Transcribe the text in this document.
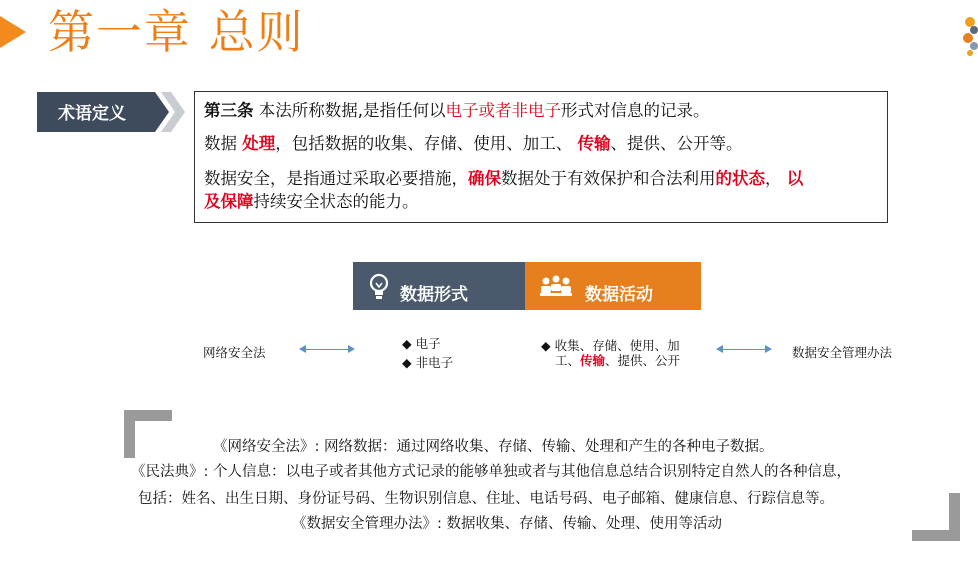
第一章 总则
术语定义	第三条 本法所称数据,是指任何以电子或者非电子形式对信息的记录。
数据 处理，包括数据的收集、存储、使用、加工、 传输、提供、公开等。
数据安全，是指通过采取必要措施，确保数据处于有效保护和合法利用的状态， 以
及保障持续安全状态的能力。
数据形式	数据活动
网络安全法
◆ 电子
◆ 非电子
◆ 收集、存储、使用、加
工、传输、提供、公开
数据安全管理办法
《网络安全法》: 网络数据：通过网络收集、存储、传输、处理和产生的各种电子数据。
《民法典》: 个人信息：以电子或者其他方式记录的能够单独或者与其他信息总结合识别特定自然人的各种信息，
包括：姓名、出生日期、身份证号码、生物识别信息、住址、电话号码、电子邮箱、健康信息、行踪信息等。
《数据安全管理办法》: 数据收集、存储、传输、处理、使用等活动
